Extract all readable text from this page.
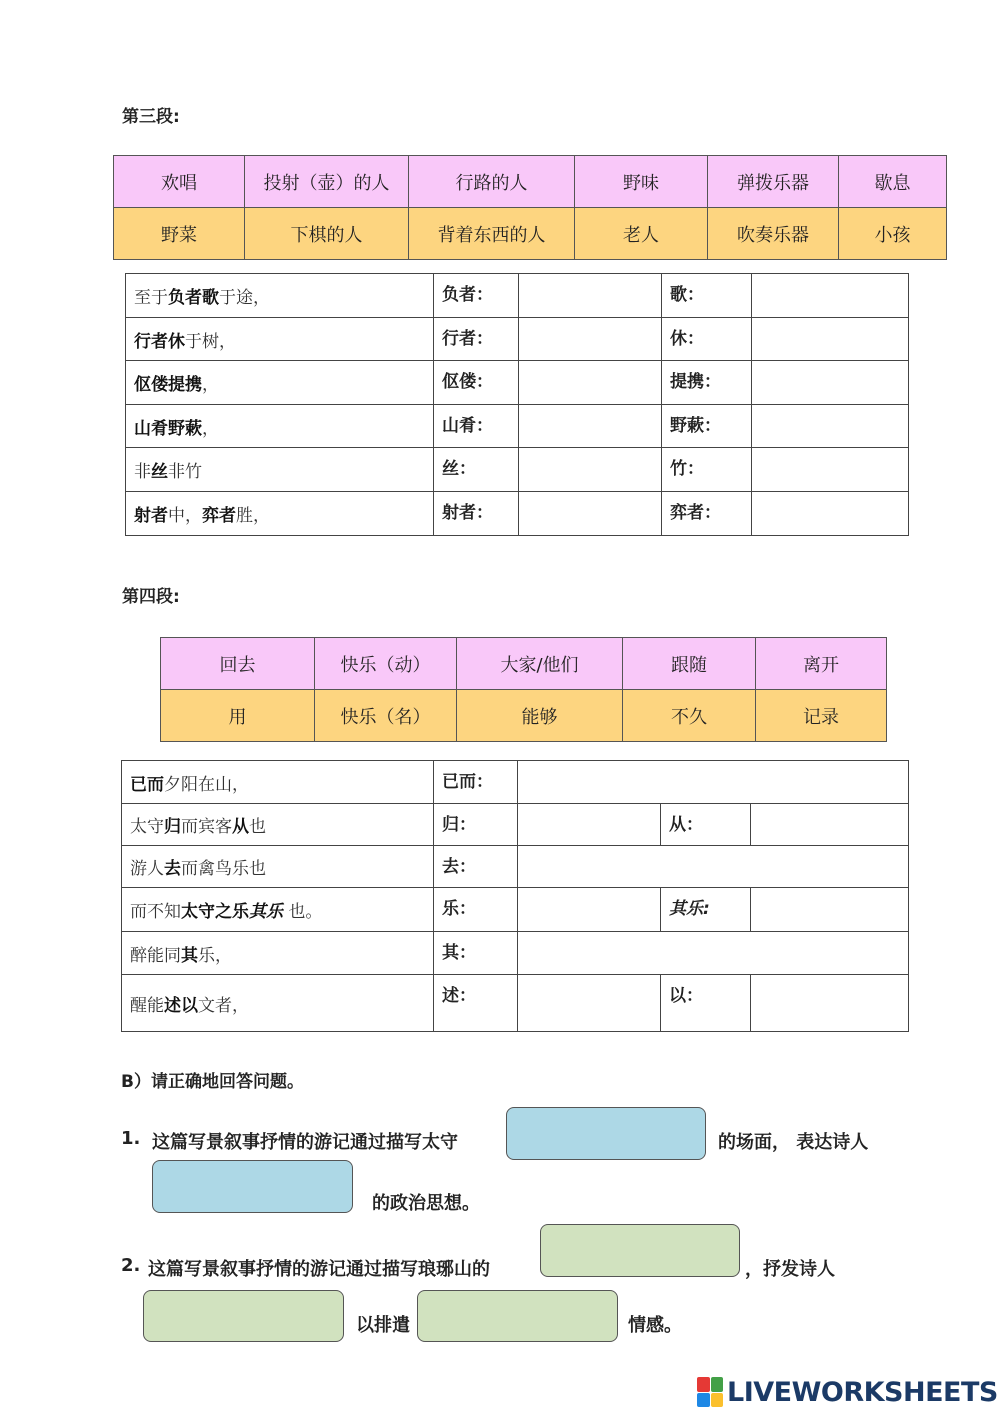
第三段:
欢唱	投射（壶）的人	行路的人	野味	弹拨乐器	歇息
野菜	下棋的人	背着东西的人	老人	吹奏乐器	小孩
至于负者歌于途，	负者：		歌：	
行者休于树，	行者：		休：	
伛偻提携，	伛偻：		提携：	
山肴野蔌，	山肴：		野蔌：	
非丝非竹	丝：		竹：	
射者中，弈者胜，	射者：		弈者：	
第四段:
回去	快乐（动）	大家/他们	跟随	离开
用	快乐（名）	能够	不久	记录
已而夕阳在山，	已而：			
太守归而宾客从也	归：		从：	
游人去而禽鸟乐也	去：			
而不知太守之乐其乐 也。	乐：		其乐:	
醉能同其乐，	其：			
醒能述以文者，	述：		以：	
B）请正确地回答问题。
1. 这篇写景叙事抒情的游记通过描写太守	的场面， 表达诗人
的政治思想。
2. 这篇写景叙事抒情的游记通过描写琅琊山的	，抒发诗人
以排遣	情感。
LIVEWORKSHEETS
